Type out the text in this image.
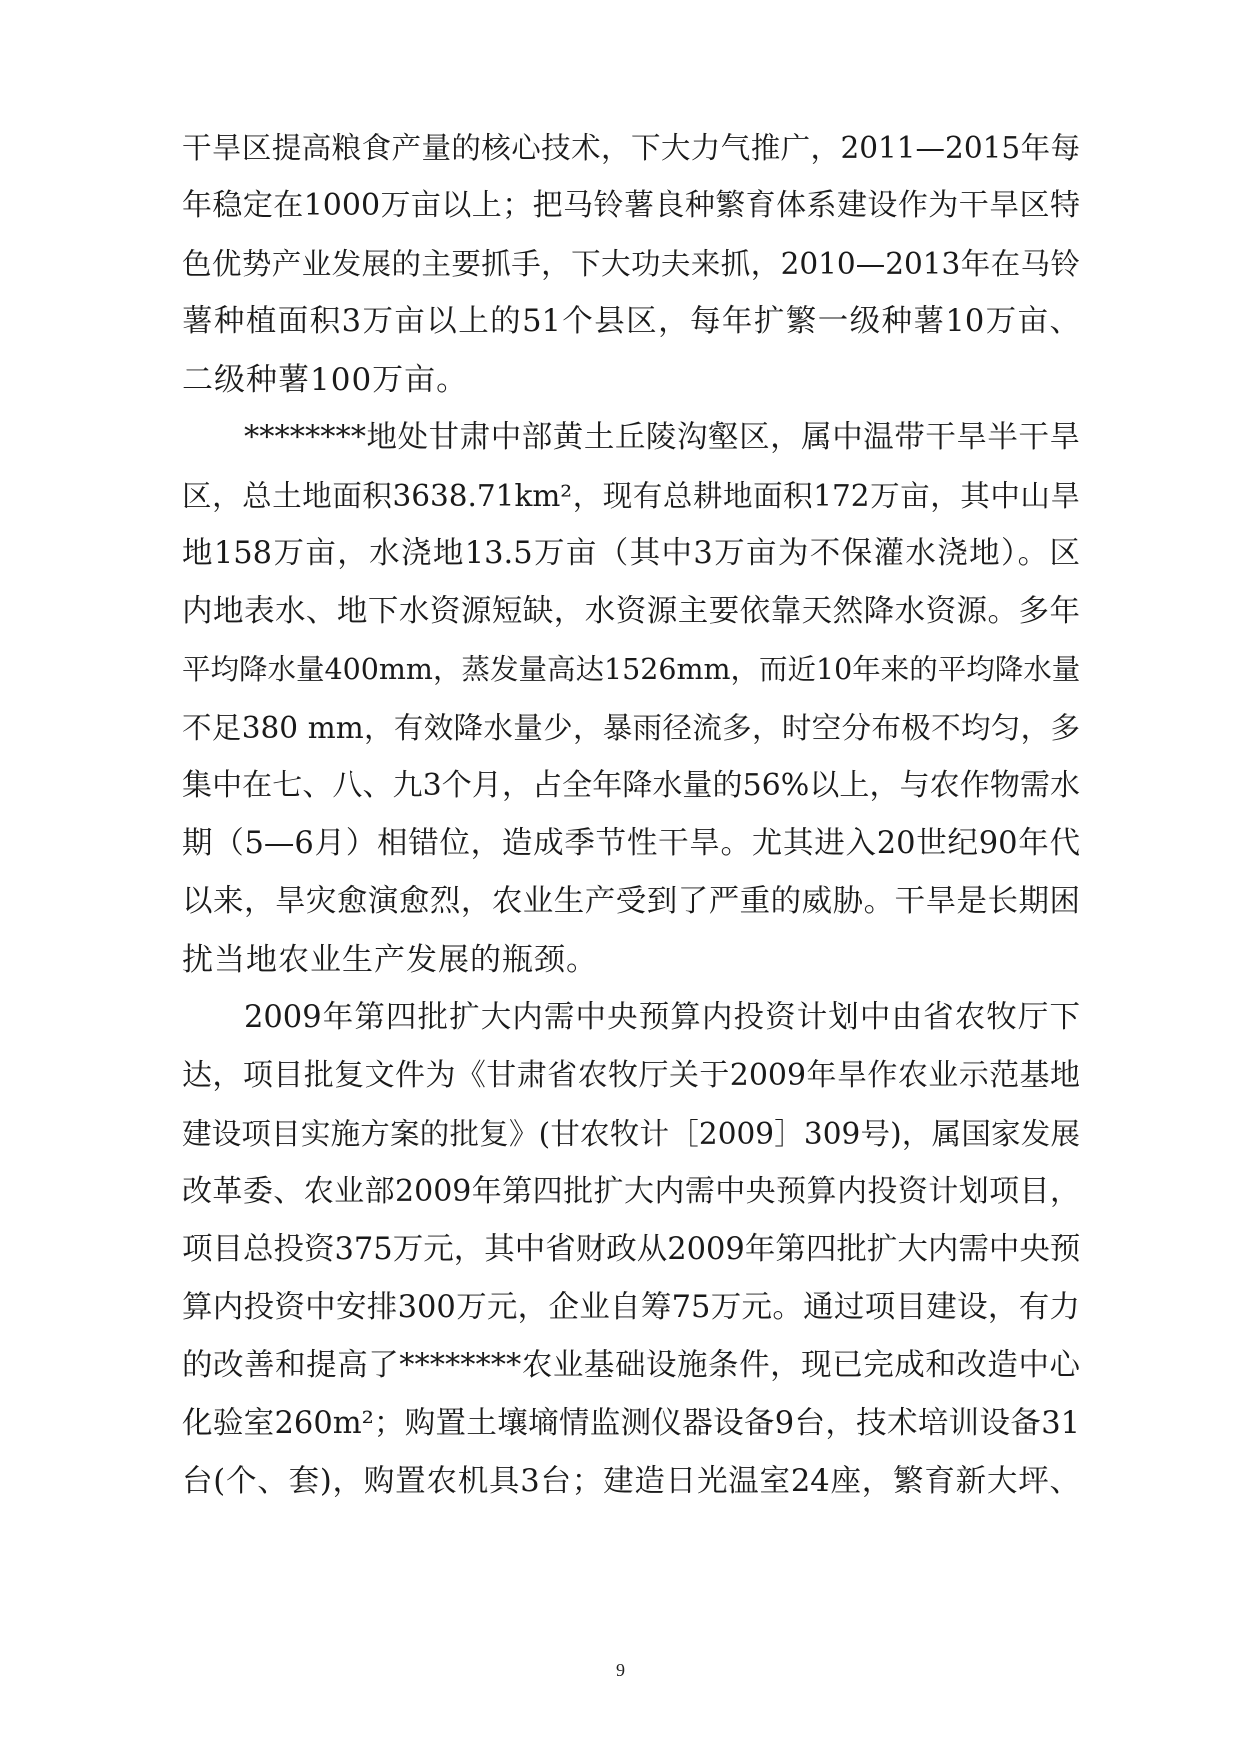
干旱区提高粮食产量的核心技术，下大力气推广，2011—2015年每
年稳定在1000万亩以上；把马铃薯良种繁育体系建设作为干旱区特
色优势产业发展的主要抓手，下大功夫来抓，2010—2013年在马铃
薯种植面积3万亩以上的51个县区，每年扩繁一级种薯10万亩、
二级种薯100万亩。
********地处甘肃中部黄土丘陵沟壑区，属中温带干旱半干旱
区，总土地面积3638.71km²，现有总耕地面积172万亩，其中山旱
地158万亩，水浇地13.5万亩（其中3万亩为不保灌水浇地）。区
内地表水、地下水资源短缺，水资源主要依靠天然降水资源。多年
平均降水量400mm，蒸发量高达1526mm，而近10年来的平均降水量
不足380 mm，有效降水量少，暴雨径流多，时空分布极不均匀，多
集中在七、八、九3个月，占全年降水量的56%以上，与农作物需水
期（5—6月）相错位，造成季节性干旱。尤其进入20世纪90年代
以来，旱灾愈演愈烈，农业生产受到了严重的威胁。干旱是长期困
扰当地农业生产发展的瓶颈。
2009年第四批扩大内需中央预算内投资计划中由省农牧厅下
达，项目批复文件为《甘肃省农牧厅关于2009年旱作农业示范基地
建设项目实施方案的批复》(甘农牧计［2009］309号)，属国家发展
改革委、农业部2009年第四批扩大内需中央预算内投资计划项目，
项目总投资375万元，其中省财政从2009年第四批扩大内需中央预
算内投资中安排300万元，企业自筹75万元。通过项目建设，有力
的改善和提高了********农业基础设施条件，现已完成和改造中心
化验室260m²；购置土壤墒情监测仪器设备9台，技术培训设备31
台(个、套)，购置农机具3台；建造日光温室24座，繁育新大坪、
9
